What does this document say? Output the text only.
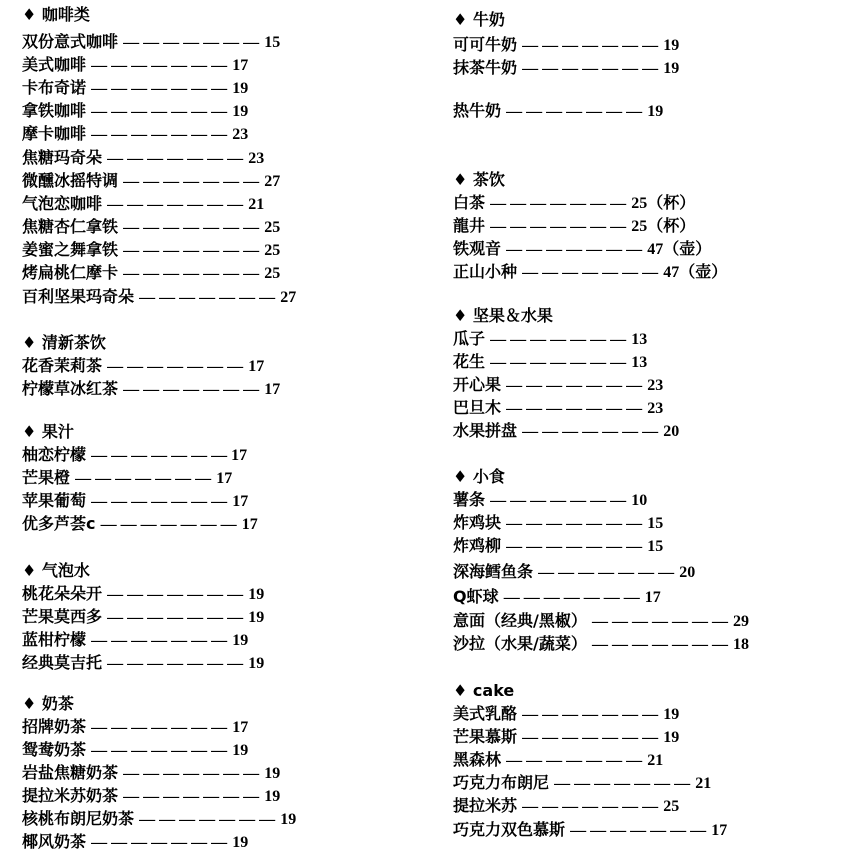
♦ 咖啡类
双份意式咖啡 — — — — — — — 15
美式咖啡 — — — — — — — 17
卡布奇诺 — — — — — — — 19
拿铁咖啡 — — — — — — — 19
摩卡咖啡 — — — — — — — 23
焦糖玛奇朵 — — — — — — — 23
微醺冰摇特调 — — — — — — — 27
气泡恋咖啡 — — — — — — — 21
焦糖杏仁拿铁 — — — — — — — 25
姜蜜之舞拿铁 — — — — — — — 25
烤扁桃仁摩卡 — — — — — — — 25
百利坚果玛奇朵 — — — — — — — 27
♦ 清新茶饮
花香茉莉茶 — — — — — — — 17
柠檬草冰红茶 — — — — — — — 17
♦ 果汁
柚恋柠檬 — — — — — — — 17
芒果橙 — — — — — — — 17
苹果葡萄 — — — — — — — 17
优多芦荟c — — — — — — — 17
♦ 气泡水
桃花朵朵开 — — — — — — — 19
芒果莫西多 — — — — — — — 19
蓝柑柠檬 — — — — — — — 19
经典莫吉托 — — — — — — — 19
♦ 奶茶
招牌奶茶 — — — — — — — 17
鸳鸯奶茶 — — — — — — — 19
岩盐焦糖奶茶 — — — — — — — 19
提拉米苏奶茶 — — — — — — — 19
核桃布朗尼奶茶 — — — — — — — 19
椰风奶茶 — — — — — — — 19
♦ 牛奶
可可牛奶 — — — — — — — 19
抹茶牛奶 — — — — — — — 19
热牛奶 — — — — — — — 19
♦ 茶饮
白茶 — — — — — — — 25（杯）
龍井 — — — — — — — 25（杯）
铁观音 — — — — — — — 47（壶）
正山小种 — — — — — — — 47（壶）
♦ 坚果＆水果
瓜子 — — — — — — — 13
花生 — — — — — — — 13
开心果 — — — — — — — 23
巴旦木 — — — — — — — 23
水果拼盘 — — — — — — — 20
♦ 小食
薯条 — — — — — — — 10
炸鸡块 — — — — — — — 15
炸鸡柳 — — — — — — — 15
深海鳕鱼条 — — — — — — — 20
Q虾球 — — — — — — — 17
意面（经典/黑椒） — — — — — — — 29
沙拉（水果/蔬菜） — — — — — — — 18
♦ cake
美式乳酪 — — — — — — — 19
芒果慕斯 — — — — — — — 19
黑森林 — — — — — — — 21
巧克力布朗尼 — — — — — — — 21
提拉米苏 — — — — — — — 25
巧克力双色慕斯 — — — — — — — 17
